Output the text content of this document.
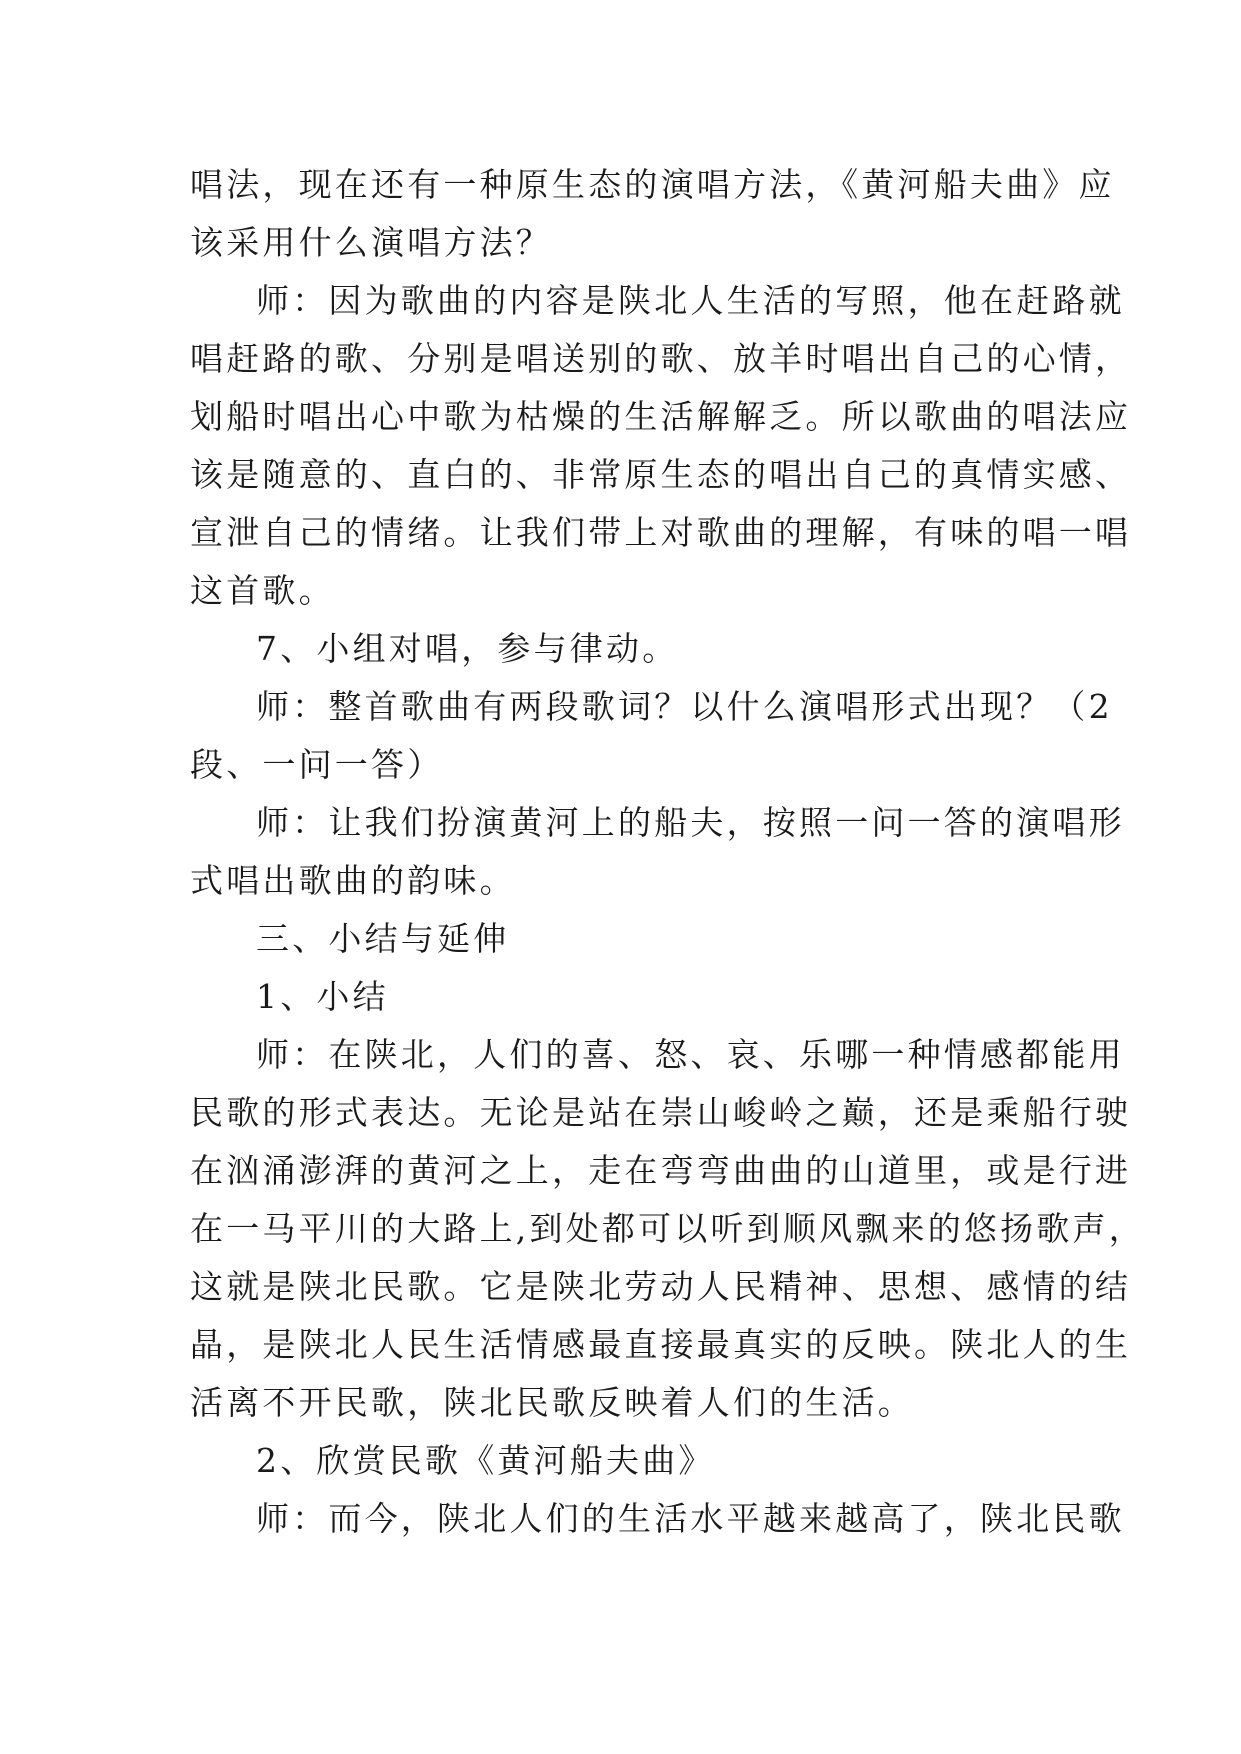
唱法，现在还有一种原生态的演唱方法，《黄河船夫曲》应
该采用什么演唱方法？
师：因为歌曲的内容是陕北人生活的写照，他在赶路就
唱赶路的歌、分别是唱送别的歌、放羊时唱出自己的心情，
划船时唱出心中歌为枯燥的生活解解乏。所以歌曲的唱法应
该是随意的、直白的、非常原生态的唱出自己的真情实感、
宣泄自己的情绪。让我们带上对歌曲的理解，有味的唱一唱
这首歌。
7、小组对唱，参与律动。
师：整首歌曲有两段歌词？以什么演唱形式出现？（2
段、一问一答）
师：让我们扮演黄河上的船夫，按照一问一答的演唱形
式唱出歌曲的韵味。
三、小结与延伸
1、小结
师：在陕北，人们的喜、怒、哀、乐哪一种情感都能用
民歌的形式表达。无论是站在崇山峻岭之巅，还是乘船行驶
在汹涌澎湃的黄河之上，走在弯弯曲曲的山道里，或是行进
在一马平川的大路上,到处都可以听到顺风飘来的悠扬歌声，
这就是陕北民歌。它是陕北劳动人民精神、思想、感情的结
晶，是陕北人民生活情感最直接最真实的反映。陕北人的生
活离不开民歌，陕北民歌反映着人们的生活。
2、欣赏民歌《黄河船夫曲》
师：而今，陕北人们的生活水平越来越高了，陕北民歌
